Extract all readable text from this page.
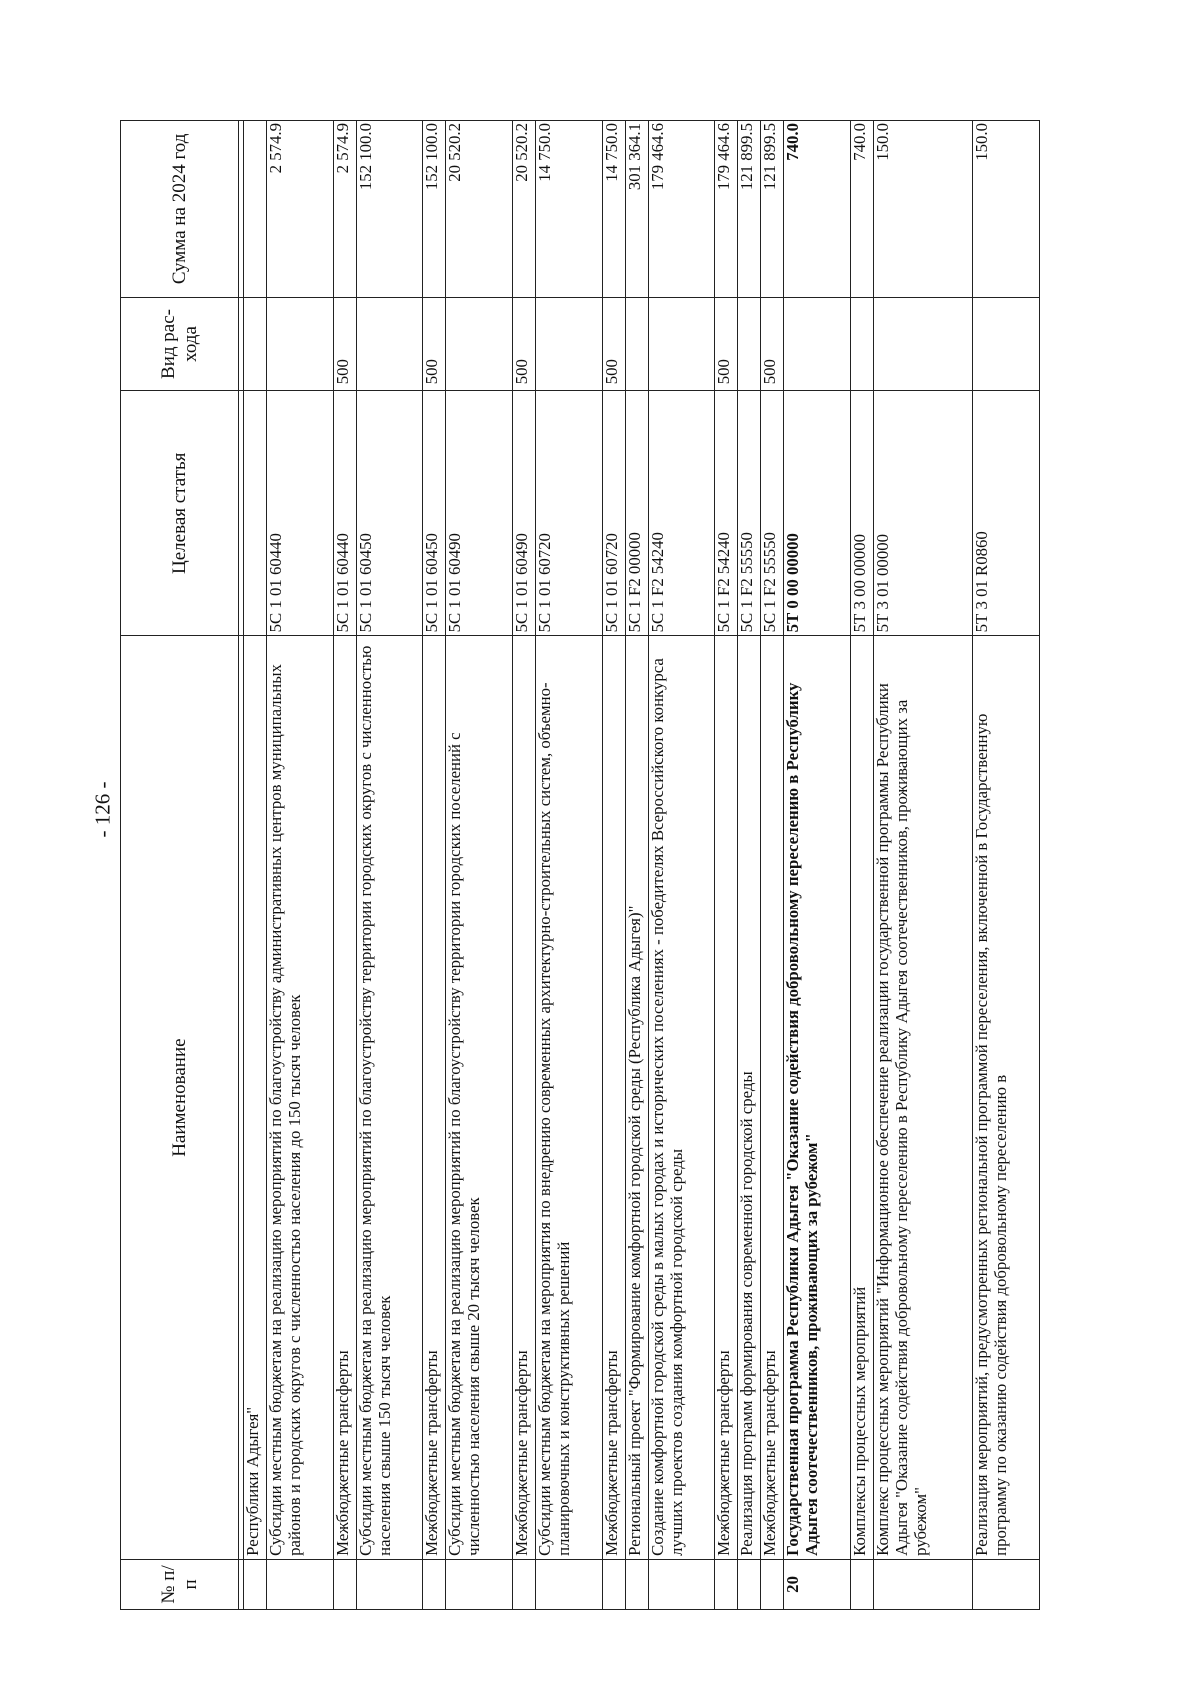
- 126 -
№ п/п	Наименование	Целевая статья	Вид рас-хода	Сумма на 2024 год

	Республики Адыгея"			
	Субсидии местным бюджетам на реализацию мероприятий по благоустройству административных центров муниципальных районов и городских округов с численностью населения до 150 тысяч человек	5С 1 01 60440		2 574.9
	Межбюджетные трансферты	5С 1 01 60440	500	2 574.9
	Субсидии местным бюджетам на реализацию мероприятий по благоустройству территории городских округов с численностью населения свыше 150 тысяч человек	5С 1 01 60450		152 100.0
	Межбюджетные трансферты	5С 1 01 60450	500	152 100.0
	Субсидии местным бюджетам на реализацию мероприятий по благоустройству территории городских поселений с численностью населения свыше 20 тысяч человек	5С 1 01 60490		20 520.2
	Межбюджетные трансферты	5С 1 01 60490	500	20 520.2
	Субсидии местным бюджетам на мероприятия по внедрению современных архитектурно-строительных систем, объемно-планировочных и конструктивных решений	5С 1 01 60720		14 750.0
	Межбюджетные трансферты	5С 1 01 60720	500	14 750.0
	Региональный проект "Формирование комфортной городской среды (Республика Адыгея)"	5С 1 F2 00000		301 364.1
	Создание комфортной городской среды в малых городах и исторических поселениях - победителях Всероссийского конкурса лучших проектов создания комфортной городской среды	5С 1 F2 54240		179 464.6
	Межбюджетные трансферты	5С 1 F2 54240	500	179 464.6
	Реализация программ формирования современной городской среды	5С 1 F2 55550		121 899.5
	Межбюджетные трансферты	5С 1 F2 55550	500	121 899.5
20	Государственная программа Республики Адыгея "Оказание содействия добровольному переселению в Республику Адыгея соотечественников, проживающих за рубежом"	5Т 0 00 00000		740.0
	Комплексы процессных мероприятий	5Т 3 00 00000		740.0
	Комплекс процессных мероприятий "Информационное обеспечение реализации государственной программы Республики Адыгея "Оказание содействия добровольному переселению в Республику Адыгея соотечественников, проживающих за рубежом"	5Т 3 01 00000		150.0
	Реализация мероприятий, предусмотренных региональной программой переселения, включенной в Государственную программу по оказанию содействия добровольному переселению в	5Т 3 01 R0860		150.0
